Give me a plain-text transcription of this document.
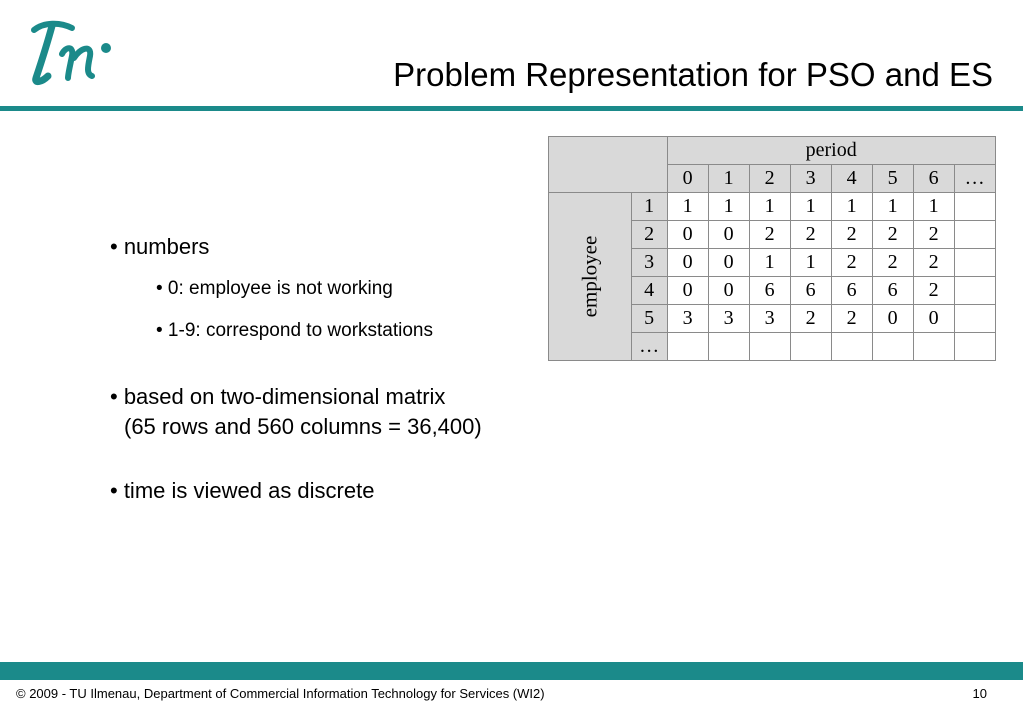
Problem Representation for PSO and ES
• numbers
• 0: employee is not working
• 1-9: correspond to workstations
• based on two-dimensional matrix
(65 rows and 560 columns = 36,400)
• time is viewed as discrete
		period							
		0	1	2	3	4	5	6	…
employee	1	1	1	1	1	1	1	1	
	2	0	0	2	2	2	2	2	
	3	0	0	1	1	2	2	2	
	4	0	0	6	6	6	6	2	
	5	3	3	3	2	2	0	0	
	…								
© 2009 - TU Ilmenau, Department of Commercial Information Technology for Services (WI2)	10
